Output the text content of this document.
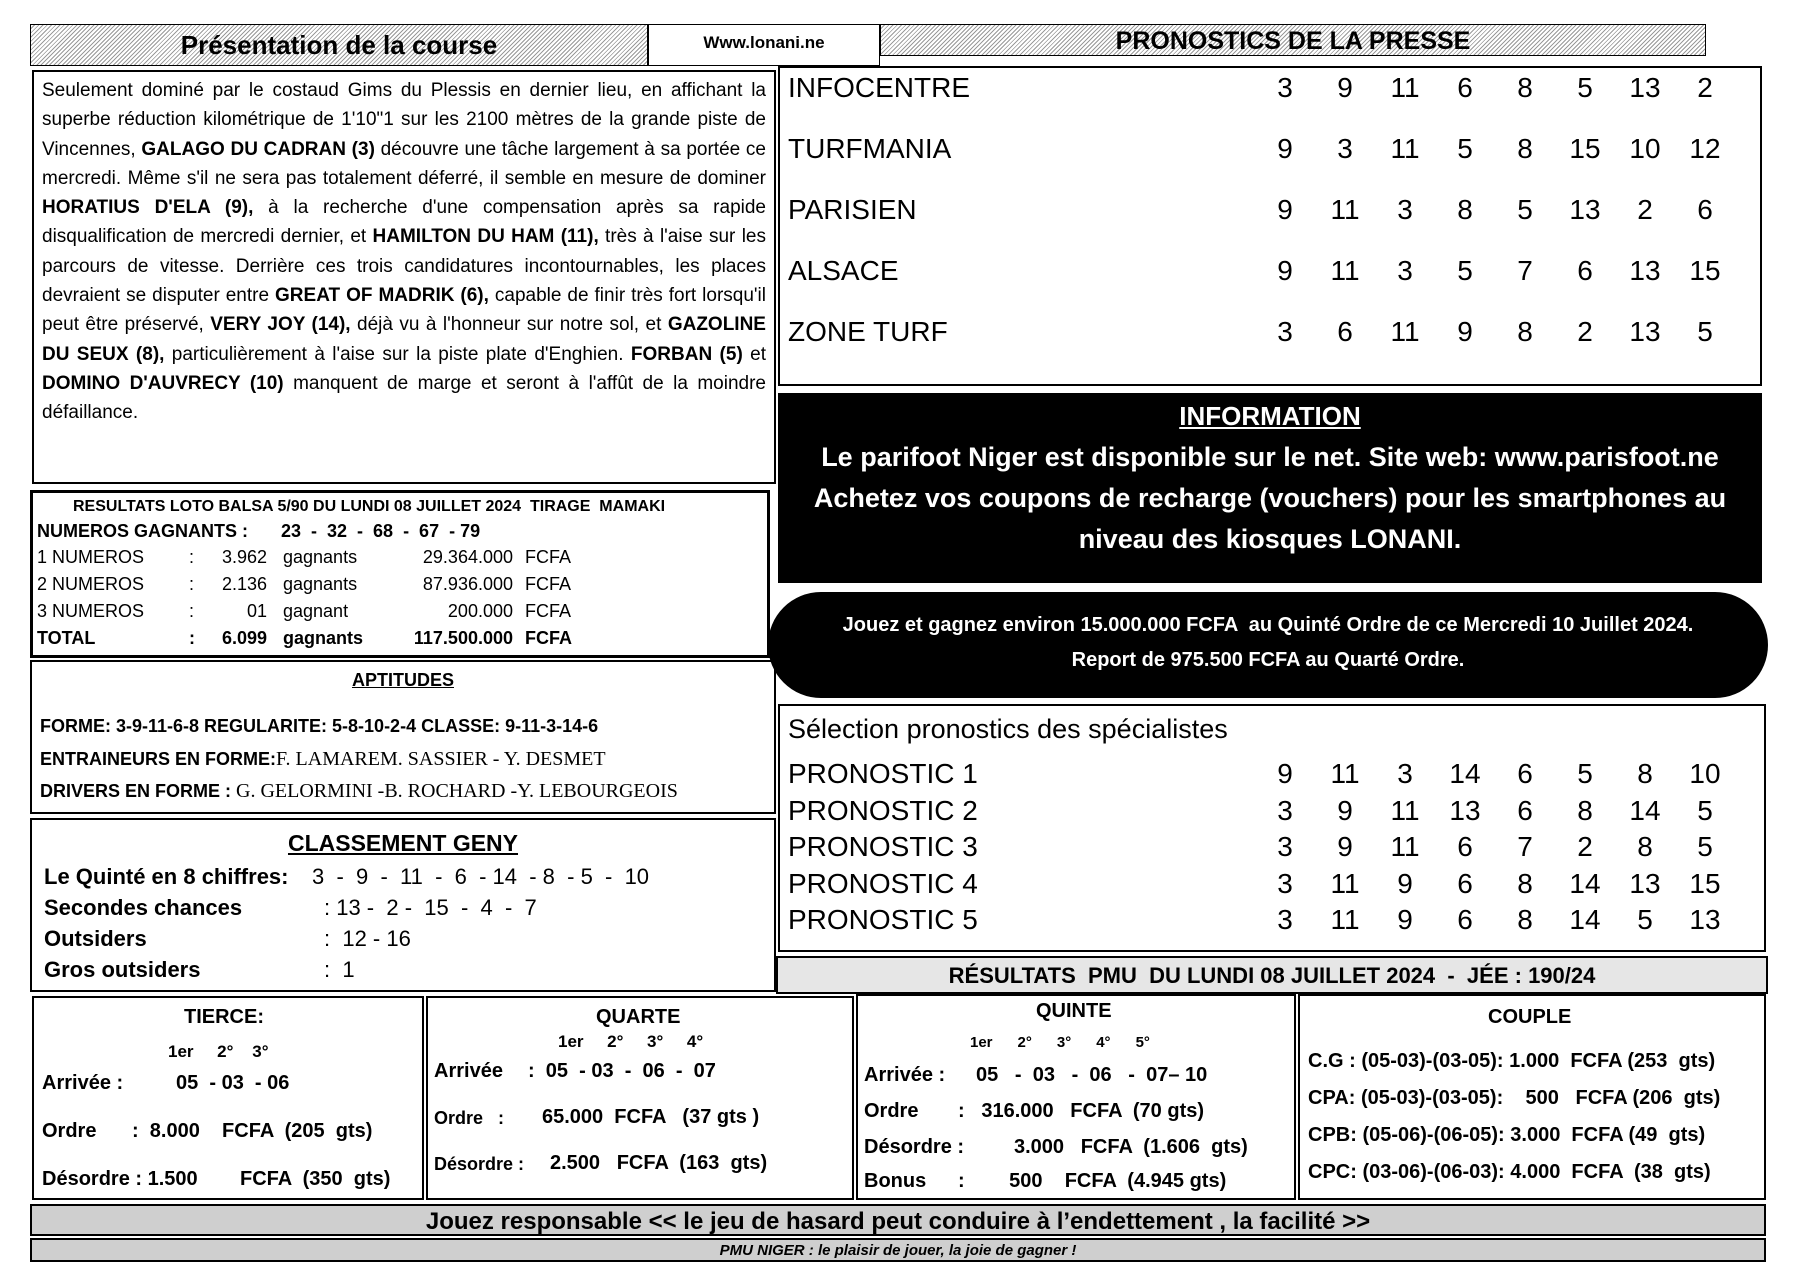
Présentation de la course	Www.lonani.ne	PRONOSTICS DE LA PRESSE
Seulement dominé par le costaud Gims du Plessis en dernier lieu, en affichant la superbe réduction kilométrique de 1'10"1 sur les 2100 mètres de la grande piste de Vincennes, GALAGO DU CADRAN (3) découvre une tâche largement à sa portée ce mercredi. Même s'il ne sera pas totalement déferré, il semble en mesure de dominer HORATIUS D'ELA (9), à la recherche d'une compensation après sa rapide disqualification de mercredi dernier, et HAMILTON DU HAM (11), très à l'aise sur les parcours de vitesse. Derrière ces trois candidatures incontournables, les places devraient se disputer entre GREAT OF MADRIK (6), capable de finir très fort lorsqu'il peut être préservé, VERY JOY (14), déjà vu à l'honneur sur notre sol, et GAZOLINE DU SEUX (8), particulièrement à l'aise sur la piste plate d'Enghien. FORBAN (5) et DOMINO D'AUVRECY (10) manquent de marge et seront à l'affût de la moindre défaillance.
INFOCENTRE	3	9	11	6	8	5	13	2
TURFMANIA	9	3	11	5	8	15	10	12
PARISIEN	9	11	3	8	5	13	2	6
ALSACE	9	11	3	5	7	6	13	15
ZONE TURF	3	6	11	9	8	2	13	5
INFORMATION
Le parifoot Niger est disponible sur le net. Site web: www.parisfoot.ne
Achetez vos coupons de recharge (vouchers) pour les smartphones au
niveau des kiosques LONANI.
Jouez et gagnez environ 15.000.000 FCFA  au Quinté Ordre de ce Mercredi 10 Juillet 2024.
Report de 975.500 FCFA au Quarté Ordre.
RESULTATS LOTO BALSA 5/90 DU LUNDI 08 JUILLET 2024  TIRAGE  MAMAKI
NUMEROS GAGNANTS : 23  -  32  -  68  -  67  - 79
1 NUMEROS :	3.962 gagnants	29.364.000 FCFA
2 NUMEROS :	2.136 gagnants	87.936.000 FCFA
3 NUMEROS :	01 gagnant	200.000 FCFA
TOTAL	:	6.099 gagnants	117.500.000 FCFA
APTITUDES
FORME: 3-9-11-6-8 REGULARITE: 5-8-10-2-4 CLASSE: 9-11-3-14-6
ENTRAINEURS EN FORME:F. LAMAREM. SASSIER - Y. DESMET
DRIVERS EN FORME : G. GELORMINI -B. ROCHARD -Y. LEBOURGEOIS
CLASSEMENT GENY
Le Quinté en 8 chiffres: 3  -  9  -  11  -  6  - 14  - 8  - 5  -  10
Secondes chances	: 13 -  2 -  15  -  4  -  7
Outsiders	:  12 - 16
Gros outsiders	:  1
Sélection pronostics des spécialistes
PRONOSTIC 1	9	11	3	14	6	5	8	10
PRONOSTIC 2	3	9	11	13	6	8	14	5
PRONOSTIC 3	3	9	11	6	7	2	8	5
PRONOSTIC 4	3	11	9	6	8	14	13	15
PRONOSTIC 5	3	11	9	6	8	14	5	13
RÉSULTATS  PMU  DU LUNDI 08 JUILLET 2024  -  JÉE : 190/24
TIERCE:
1er     2°    3°
Arrivée :	05  - 03  - 06
Ordre :  8.000    FCFA  (205  gts)
Désordre : 1.500 FCFA  (350  gts)
QUARTE
1er     2°     3°     4°
Arrivée :  05  - 03  -  06  -  07
Ordre   : 65.000  FCFA   (37 gts )
Désordre : 2.500   FCFA  (163  gts)
QUINTE
1er      2°      3°      4°      5°
Arrivée : 05   -  03   -  06   -  07– 10
Ordre :   316.000   FCFA  (70 gts)
Désordre : 3.000   FCFA  (1.606  gts)
Bonus :        500    FCFA  (4.945 gts)
COUPLE
C.G : (05-03)-(03-05): 1.000  FCFA (253  gts)
CPA: (05-03)-(03-05):    500   FCFA (206  gts)
CPB: (05-06)-(06-05): 3.000  FCFA (49  gts)
CPC: (03-06)-(06-03): 4.000  FCFA  (38  gts)
Jouez responsable << le jeu de hasard peut conduire à l’endettement , la facilité >>
PMU NIGER : le plaisir de jouer, la joie de gagner !
